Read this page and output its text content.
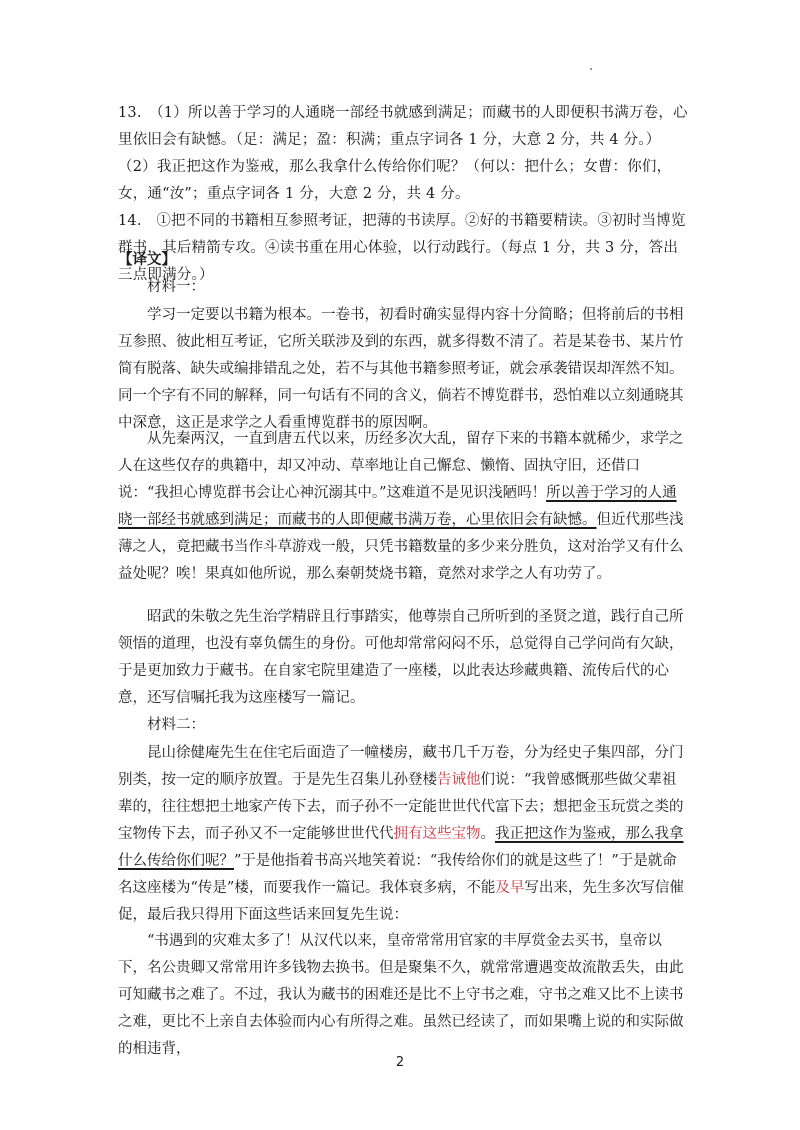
13.　（1）所以善于学习的人通晓一部经书就感到满足；而藏书的人即便积书满万卷，心里依旧会有缺憾。（足：满足；盈：积满；重点字词各 1 分，大意 2 分，共 4 分。）

（2）我正把这作为鉴戒，那么我拿什么传给你们呢？（何以：把什么；女曹：你们，女，通“汝”；重点字词各 1 分，大意 2 分，共 4 分。

14.　①把不同的书籍相互参照考证，把薄的书读厚。②好的书籍要精读。③初时当博览群书，其后精箭专攻。④读书重在用心体验，以行动践行。（每点 1 分，共 3 分，答出三点即满分。）

【译文】

材料一：

学习一定要以书籍为根本。一卷书，初看时确实显得内容十分简略；但将前后的书相互参照、彼此相互考证，它所关联涉及到的东西，就多得数不清了。若是某卷书、某片竹简有脱落、缺失或编排错乱之处，若不与其他书籍参照考证，就会承袭错误却浑然不知。同一个字有不同的解释，同一句话有不同的含义，倘若不博览群书，恐怕难以立刻通晓其中深意，这正是求学之人看重博览群书的原因啊。

从先秦两汉，一直到唐五代以来，历经多次大乱，留存下来的书籍本就稀少，求学之人在这些仅存的典籍中，却又冲动、草率地让自己懈怠、懒惰、固执守旧，还借口说：“我担心博览群书会让心神沉溺其中。”这难道不是见识浅陋吗！所以善于学习的人通晓一部经书就感到满足；而藏书的人即便藏书满万卷，心里依旧会有缺憾。但近代那些浅薄之人，竟把藏书当作斗草游戏一般，只凭书籍数量的多少来分胜负，这对治学又有什么益处呢？唉！果真如他所说，那么秦朝焚烧书籍，竟然对求学之人有功劳了。

昭武的朱敬之先生治学精辟且行事踏实，他尊崇自己所听到的圣贤之道，践行自己所领悟的道理，也没有辜负儒生的身份。可他却常常闷闷不乐，总觉得自己学问尚有欠缺，于是更加致力于藏书。在自家宅院里建造了一座楼，以此表达珍藏典籍、流传后代的心意，还写信嘱托我为这座楼写一篇记。

材料二：

昆山徐健庵先生在住宅后面造了一幢楼房，藏书几千万卷，分为经史子集四部，分门别类，按一定的顺序放置。于是先生召集儿孙登楼告诫他们说：“我曾感慨那些做父辈祖辈的，往往想把土地家产传下去，而子孙不一定能世世代代富下去；想把金玉玩赏之类的宝物传下去，而子孙又不一定能够世世代代拥有这些宝物。我正把这作为鉴戒，那么我拿什么传给你们呢？”于是他指着书高兴地笑着说：“我传给你们的就是这些了！”于是就命名这座楼为“传是”楼，而要我作一篇记。我体衰多病，不能及早写出来，先生多次写信催促，最后我只得用下面这些话来回复先生说：

“书遇到的灾难太多了！从汉代以来，皇帝常常用官家的丰厚赏金去买书，皇帝以下，名公贵卿又常常用许多钱物去换书。但是聚集不久，就常常遭遇变故流散丢失，由此可知藏书之难了。不过，我认为藏书的困难还是比不上守书之难，守书之难又比不上读书之难，更比不上亲自去体验而内心有所得之难。虽然已经读了，而如果嘴上说的和实际做的相违背，

2
